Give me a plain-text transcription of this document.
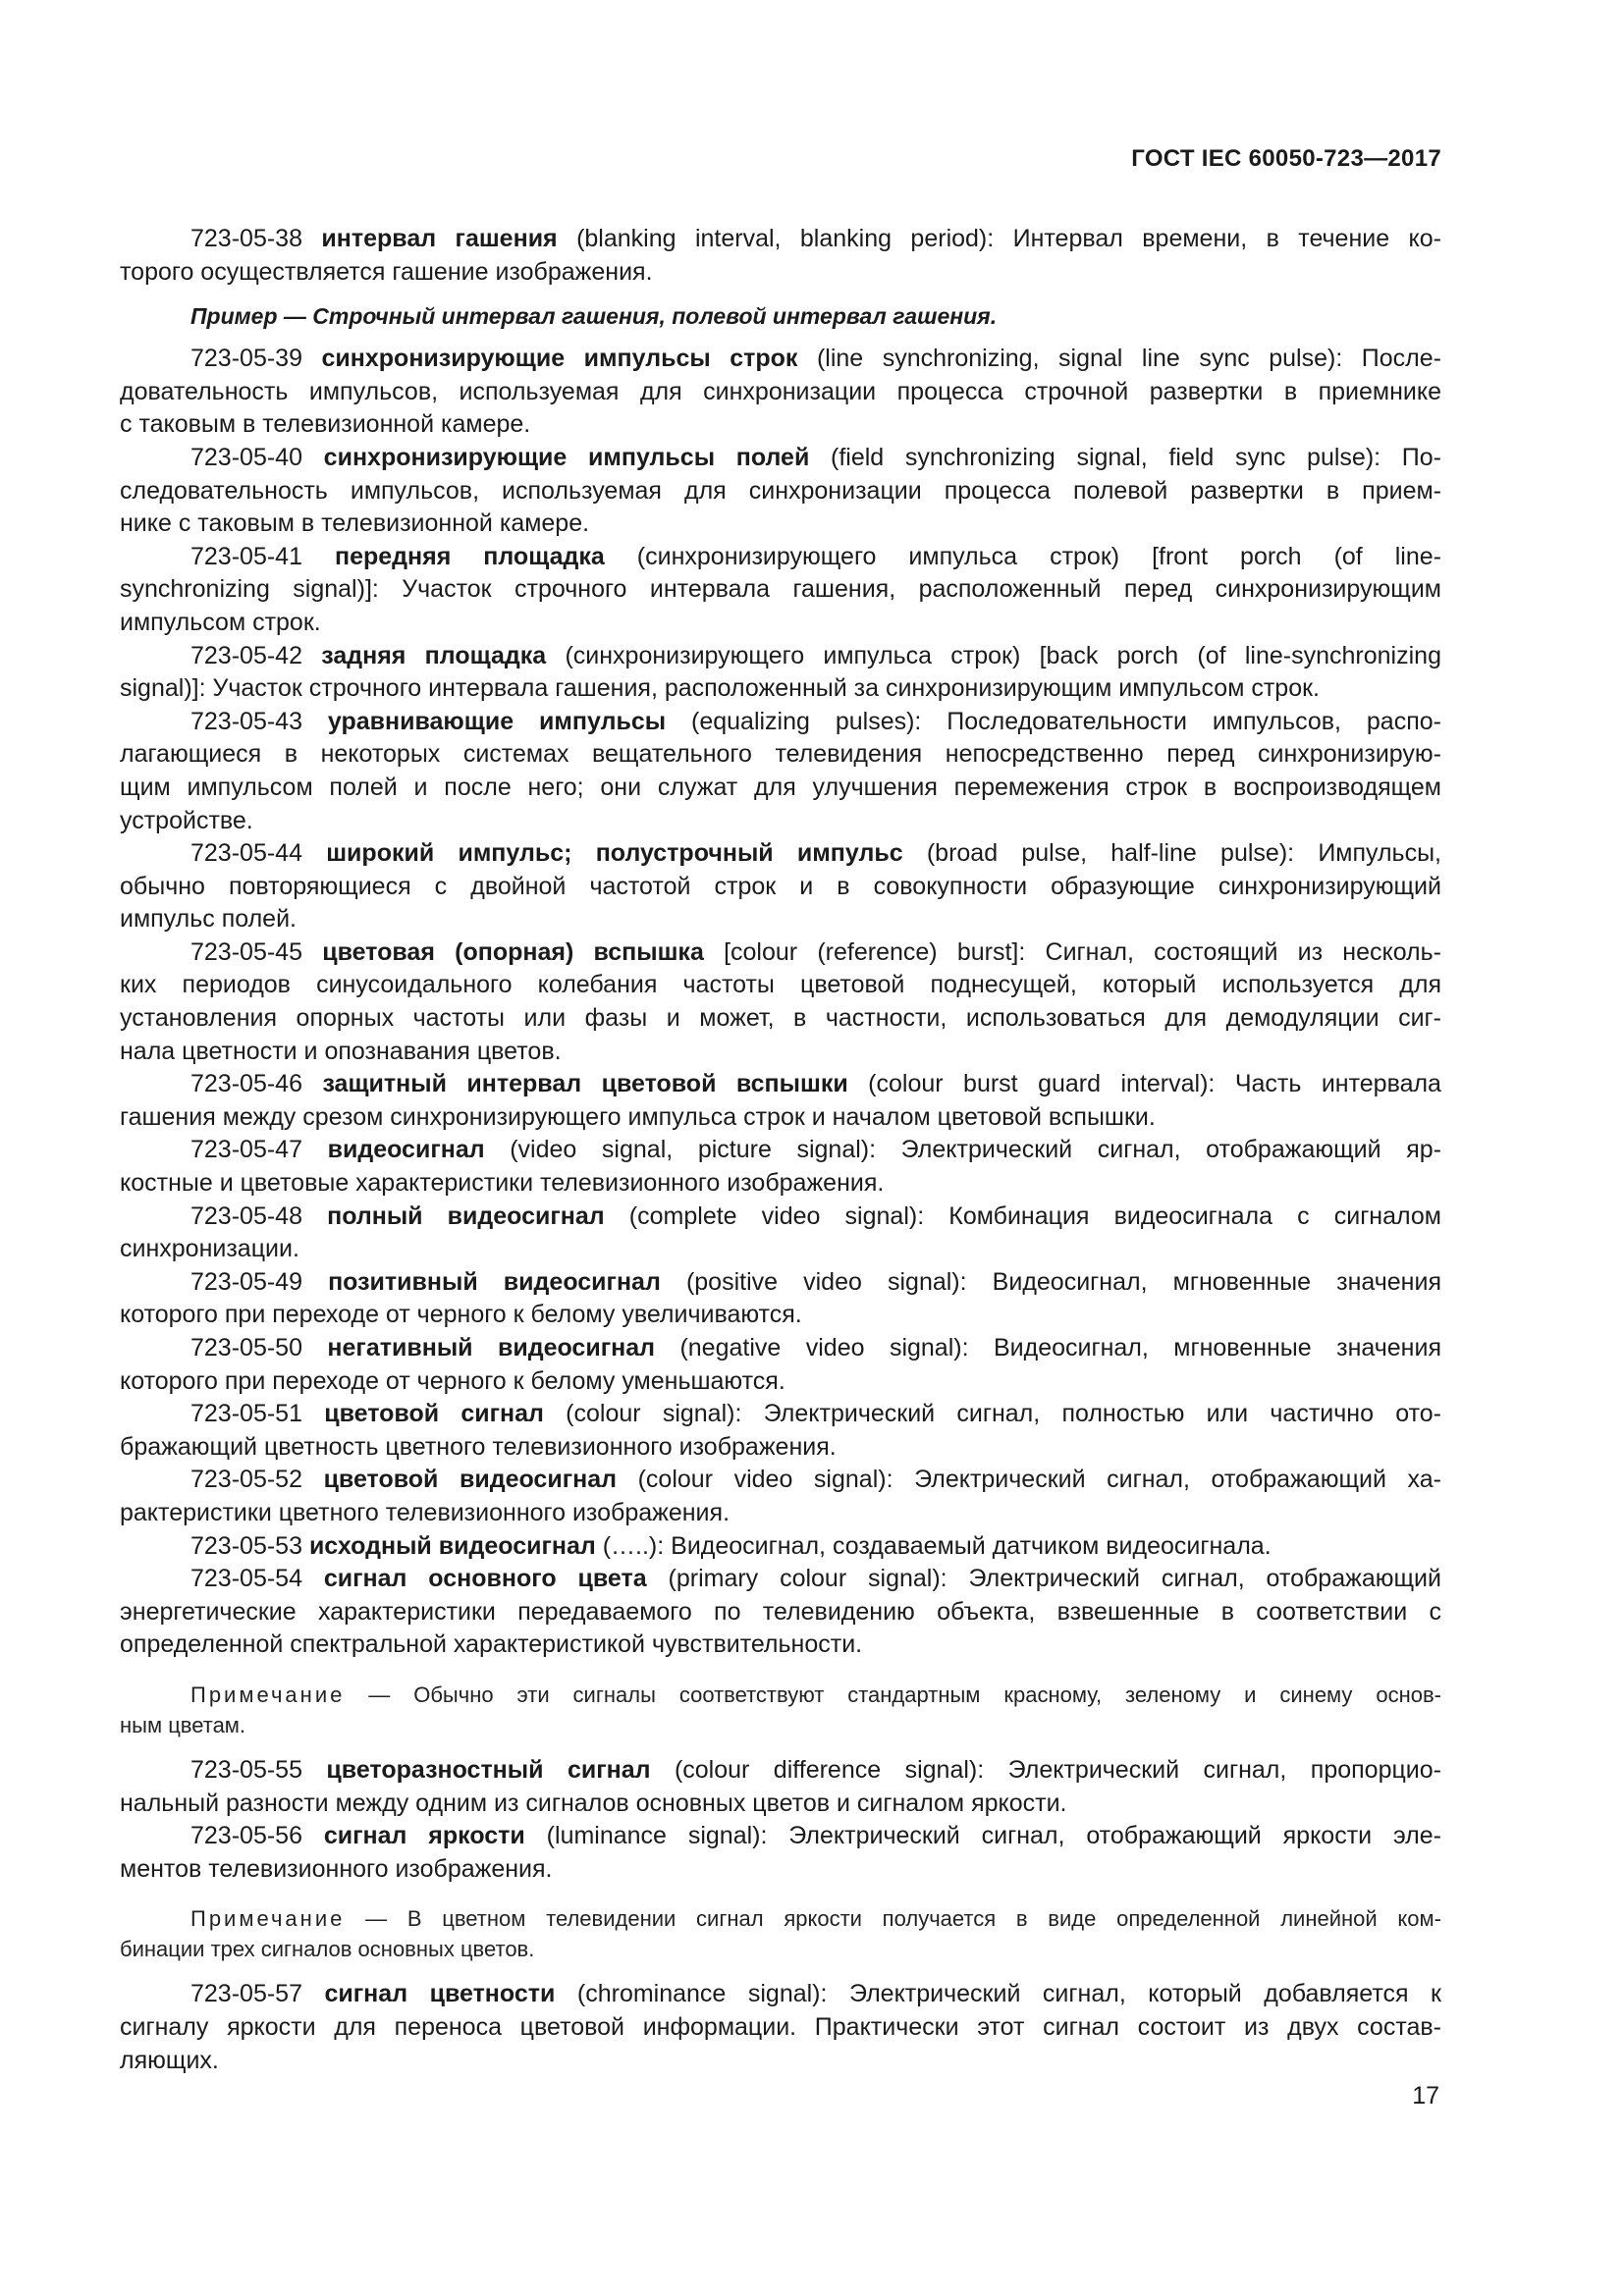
ГОСТ IEC 60050-723—2017
723-05-38 интервал гашения (blanking interval, blanking period): Интервал времени, в течение ко-
торого осуществляется гашение изображения.
Пример — Строчный интервал гашения, полевой интервал гашения.
723-05-39 синхронизирующие импульсы строк (line synchronizing, signal line sync pulse): После-
довательность импульсов, используемая для синхронизации процесса строчной развертки в приемнике
с таковым в телевизионной камере.
723-05-40 синхронизирующие импульсы полей (field synchronizing signal, field sync pulse): По-
следовательность импульсов, используемая для синхронизации процесса полевой развертки в прием-
нике с таковым в телевизионной камере.
723-05-41 передняя площадка (синхронизирующего импульса строк) [front porch (of line-
synchronizing signal)]: Участок строчного интервала гашения, расположенный перед синхронизирующим
импульсом строк.
723-05-42 задняя площадка (синхронизирующего импульса строк) [back porch (of line-synchronizing
signal)]: Участок строчного интервала гашения, расположенный за синхронизирующим импульсом строк.
723-05-43 уравнивающие импульсы (equalizing pulses): Последовательности импульсов, распо-
лагающиеся в некоторых системах вещательного телевидения непосредственно перед синхронизирую-
щим импульсом полей и после него; они служат для улучшения перемежения строк в воспроизводящем
устройстве.
723-05-44 широкий импульс; полустрочный импульс (broad pulse, half-line pulse): Импульсы,
обычно повторяющиеся с двойной частотой строк и в совокупности образующие синхронизирующий
импульс полей.
723-05-45 цветовая (опорная) вспышка [colour (reference) burst]: Сигнал, состоящий из несколь-
ких периодов синусоидального колебания частоты цветовой поднесущей, который используется для
установления опорных частоты или фазы и может, в частности, использоваться для демодуляции сиг-
нала цветности и опознавания цветов.
723-05-46 защитный интервал цветовой вспышки (colour burst guard interval): Часть интервала
гашения между срезом синхронизирующего импульса строк и началом цветовой вспышки.
723-05-47 видеосигнал (video signal, picture signal): Электрический сигнал, отображающий яр-
костные и цветовые характеристики телевизионного изображения.
723-05-48 полный видеосигнал (complete video signal): Комбинация видеосигнала с сигналом
синхронизации.
723-05-49 позитивный видеосигнал (positive video signal): Видеосигнал, мгновенные значения
которого при переходе от черного к белому увеличиваются.
723-05-50 негативный видеосигнал (negative video signal): Видеосигнал, мгновенные значения
которого при переходе от черного к белому уменьшаются.
723-05-51 цветовой сигнал (colour signal): Электрический сигнал, полностью или частично ото-
бражающий цветность цветного телевизионного изображения.
723-05-52 цветовой видеосигнал (colour video signal): Электрический сигнал, отображающий ха-
рактеристики цветного телевизионного изображения.
723-05-53 исходный видеосигнал (…..): Видеосигнал, создаваемый датчиком видеосигнала.
723-05-54 сигнал основного цвета (primary colour signal): Электрический сигнал, отображающий
энергетические характеристики передаваемого по телевидению объекта, взвешенные в соответствии с
определенной спектральной характеристикой чувствительности.
Примечание — Обычно эти сигналы соответствуют стандартным красному, зеленому и синему основ-
ным цветам.
723-05-55 цветоразностный сигнал (colour difference signal): Электрический сигнал, пропорцио-
нальный разности между одним из сигналов основных цветов и сигналом яркости.
723-05-56 сигнал яркости (luminance signal): Электрический сигнал, отображающий яркости эле-
ментов телевизионного изображения.
Примечание — В цветном телевидении сигнал яркости получается в виде определенной линейной ком-
бинации трех сигналов основных цветов.
723-05-57 сигнал цветности (chrominance signal): Электрический сигнал, который добавляется к
сигналу яркости для переноса цветовой информации. Практически этот сигнал состоит из двух состав-
ляющих.
17
